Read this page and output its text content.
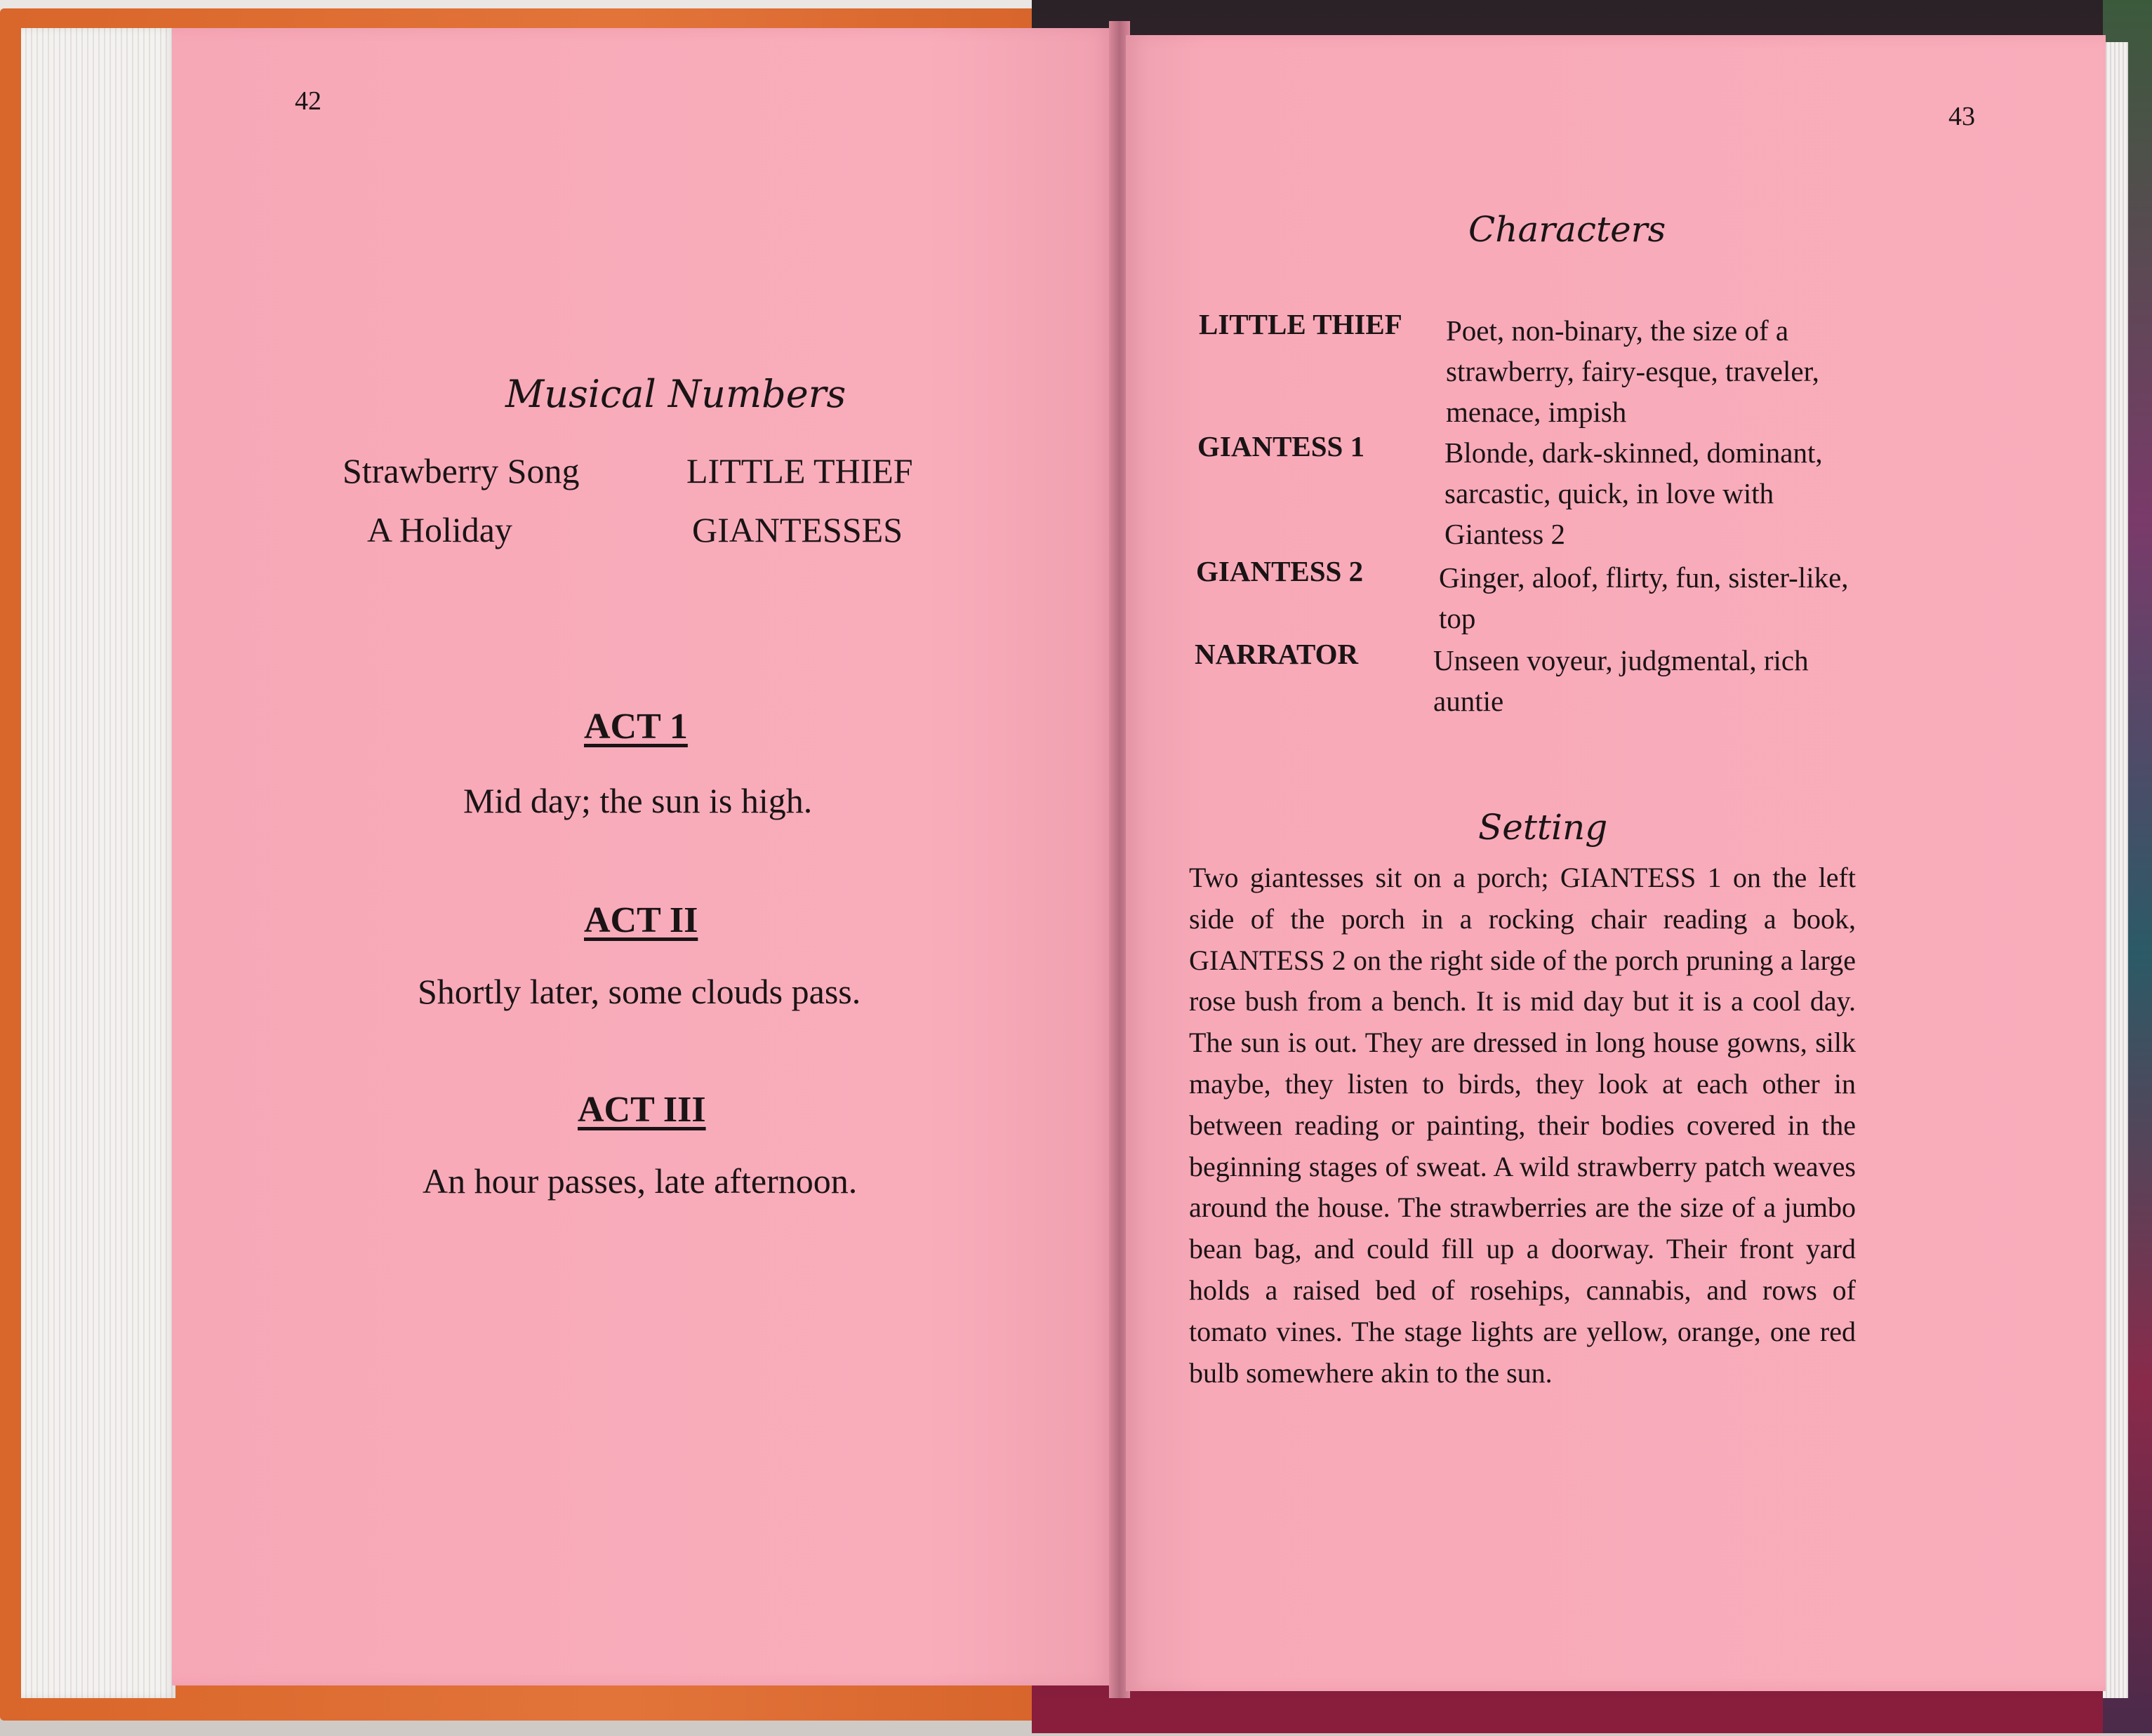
42
Musical Numbers
Strawberry Song	LITTLE THIEF
A Holiday	GIANTESSES
ACT 1
Mid day; the sun is high.
ACT II
Shortly later, some clouds pass.
ACT III
An hour passes, late afternoon.
43
Characters
LITTLE THIEF Poet, non-binary, the size of a strawberry, fairy-esque, traveler, menace, impish
GIANTESS 1	Blonde, dark-skinned, dominant, sarcastic, quick, in love with Giantess 2
GIANTESS 2	Ginger, aloof, flirty, fun, sister-like, top
NARRATOR	Unseen voyeur, judgmental, rich auntie
Setting
Two giantesses sit on a porch; GIANTESS 1 on the left side of the porch in a rocking chair reading a book, GIANTESS 2 on the right side of the porch pruning a large rose bush from a bench. It is mid day but it is a cool day. The sun is out. They are dressed in long house gowns, silk maybe, they listen to birds, they look at each other in between reading or painting, their bodies covered in the beginning stages of sweat. A wild strawberry patch weaves around the house. The strawberries are the size of a jumbo bean bag, and could fill up a doorway. Their front yard holds a raised bed of rosehips, cannabis, and rows of tomato vines. The stage lights are yellow, orange, one red bulb somewhere akin to the sun.
